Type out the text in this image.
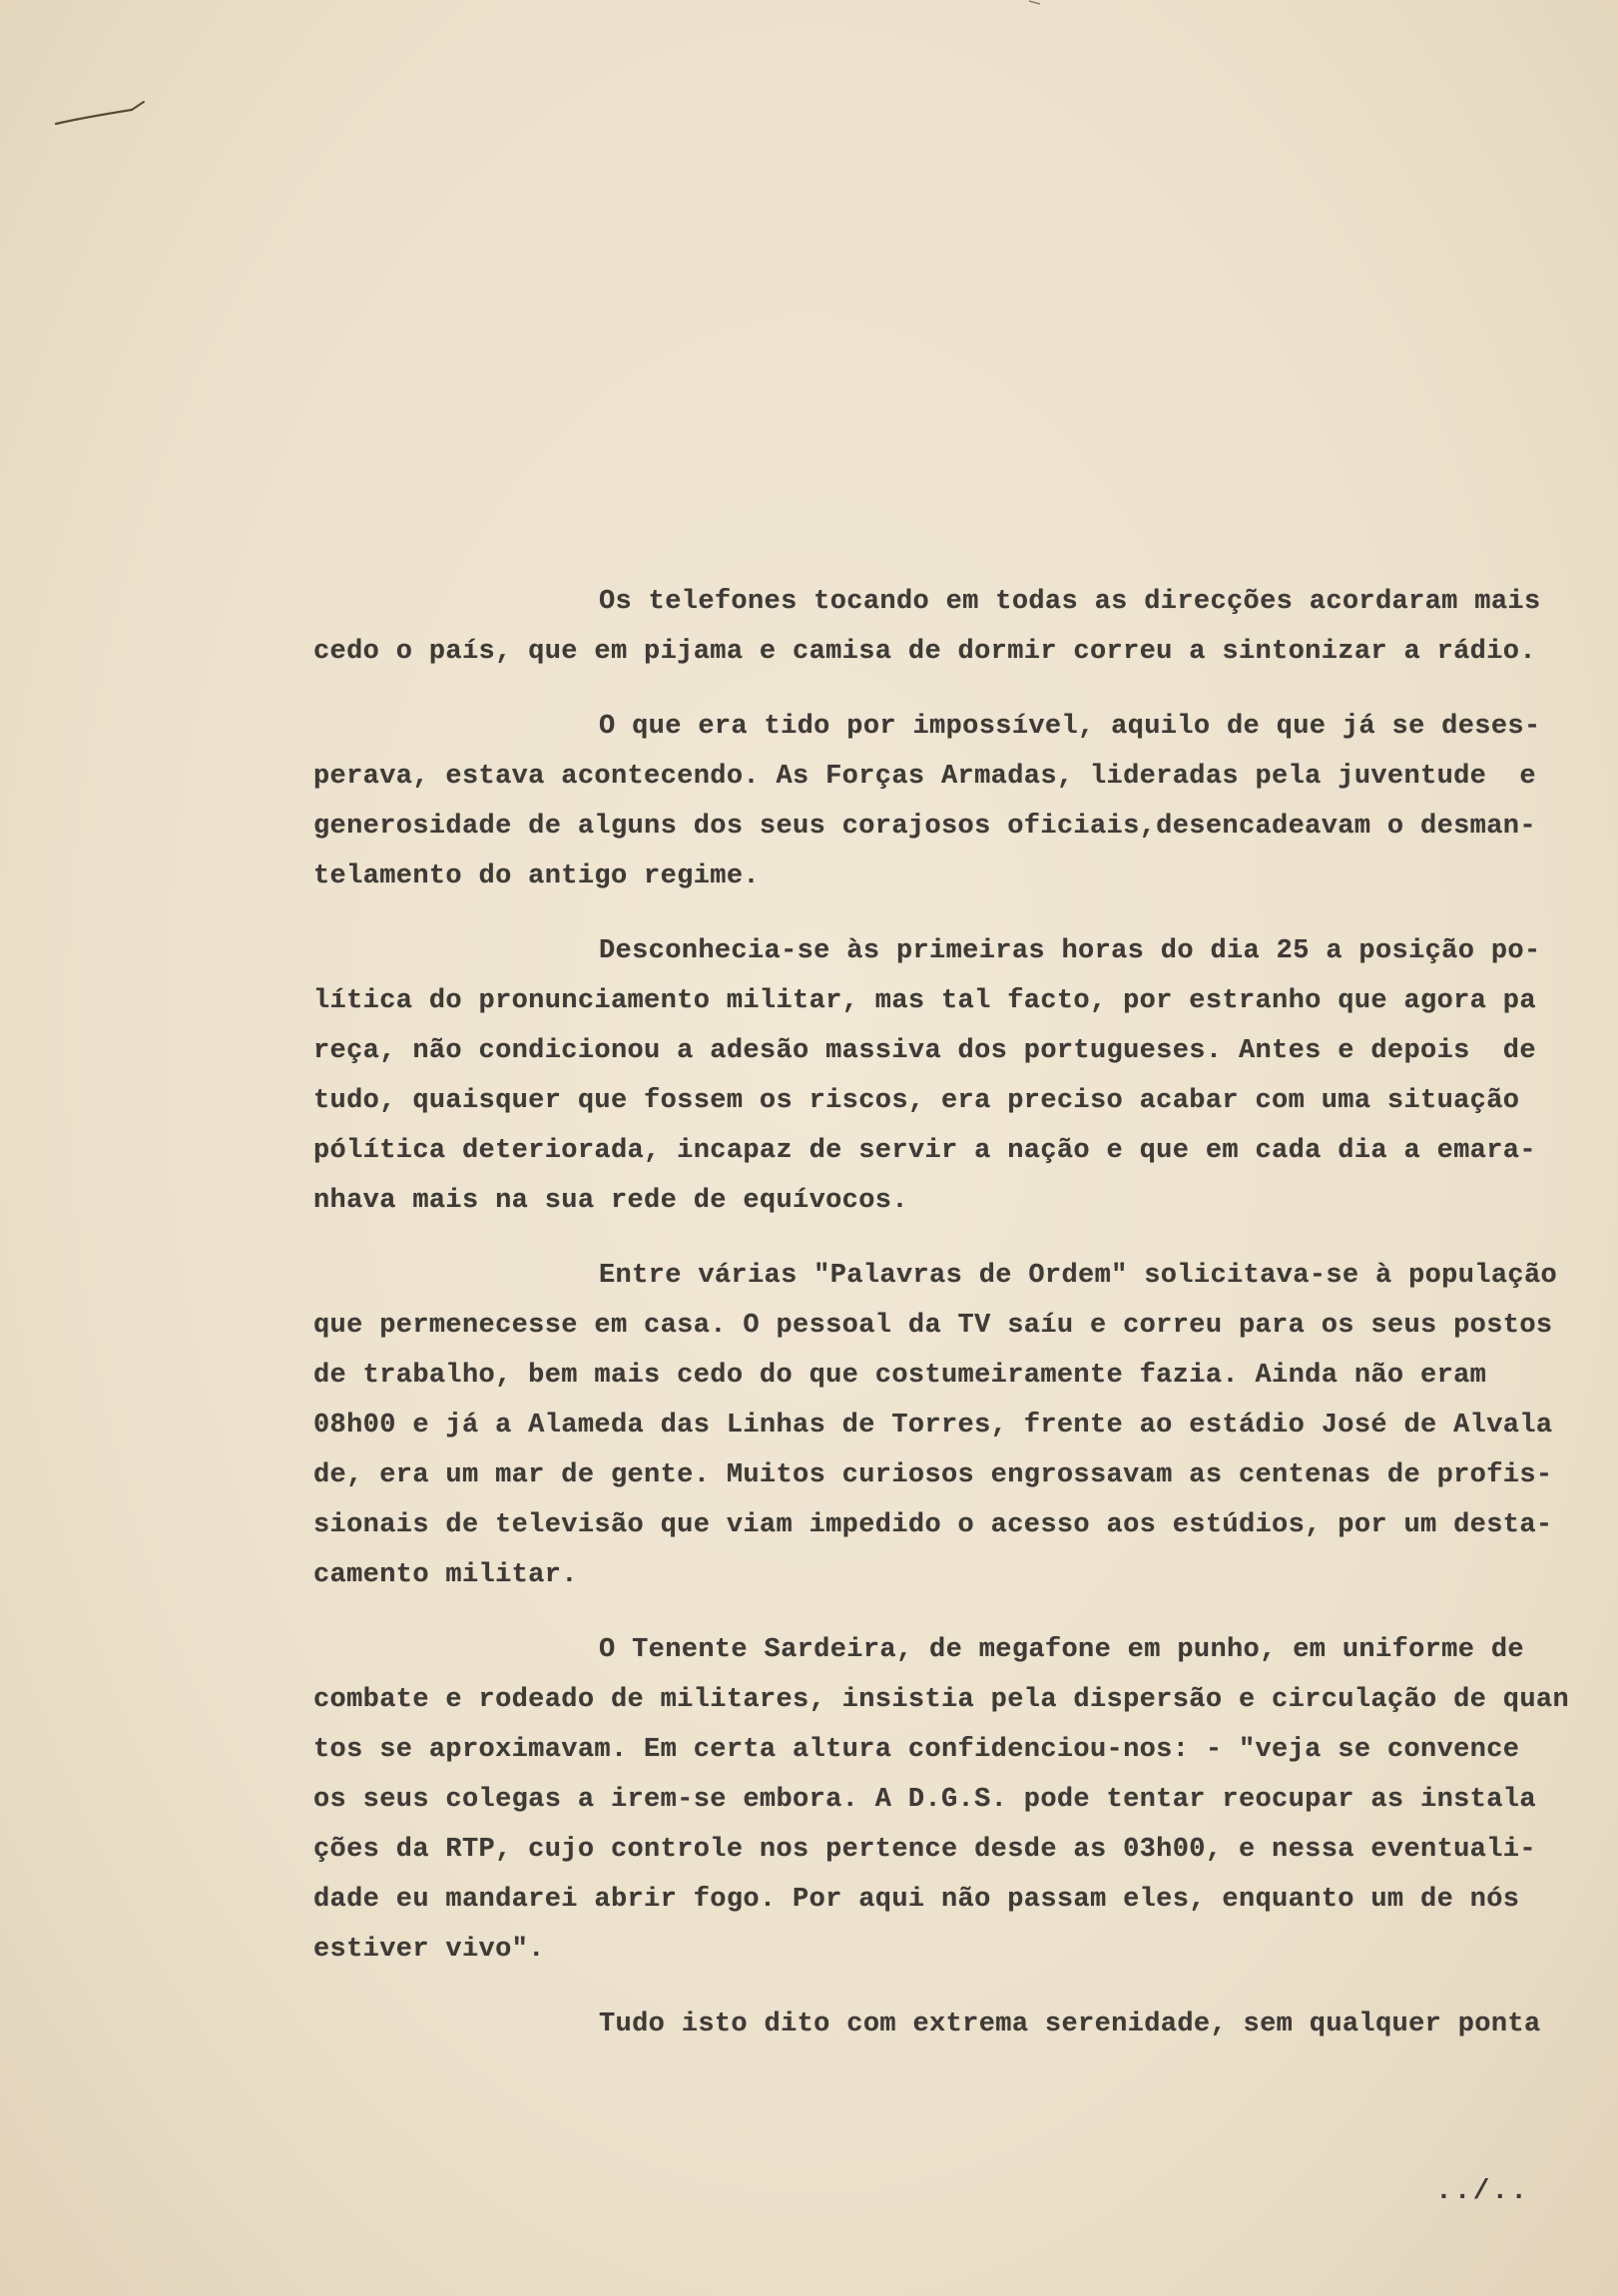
Os telefones tocando em todas as direcções acordaram mais
cedo o país, que em pijama e camisa de dormir correu a sintonizar a rádio.
O que era tido por impossível, aquilo de que já se deses-
perava, estava acontecendo. As Forças Armadas, lideradas pela juventude  e
generosidade de alguns dos seus corajosos oficiais,desencadeavam o desman-
telamento do antigo regime.
Desconhecia-se às primeiras horas do dia 25 a posição po-
lítica do pronunciamento militar, mas tal facto, por estranho que agora pa
reça, não condicionou a adesão massiva dos portugueses. Antes e depois  de
tudo, quaisquer que fossem os riscos, era preciso acabar com uma situação
pólítica deteriorada, incapaz de servir a nação e que em cada dia a emara-
nhava mais na sua rede de equívocos.
Entre várias "Palavras de Ordem" solicitava-se à população
que permenecesse em casa. O pessoal da TV saíu e correu para os seus postos
de trabalho, bem mais cedo do que costumeiramente fazia. Ainda não eram
08h00 e já a Alameda das Linhas de Torres, frente ao estádio José de Alvala
de, era um mar de gente. Muitos curiosos engrossavam as centenas de profis-
sionais de televisão que viam impedido o acesso aos estúdios, por um desta-
camento militar.
O Tenente Sardeira, de megafone em punho, em uniforme de
combate e rodeado de militares, insistia pela dispersão e circulação de quan
tos se aproximavam. Em certa altura confidenciou-nos: - "veja se convence
os seus colegas a irem-se embora. A D.G.S. pode tentar reocupar as instala
ções da RTP, cujo controle nos pertence desde as 03h00, e nessa eventuali-
dade eu mandarei abrir fogo. Por aqui não passam eles, enquanto um de nós
estiver vivo".
Tudo isto dito com extrema serenidade, sem qualquer ponta
../..
